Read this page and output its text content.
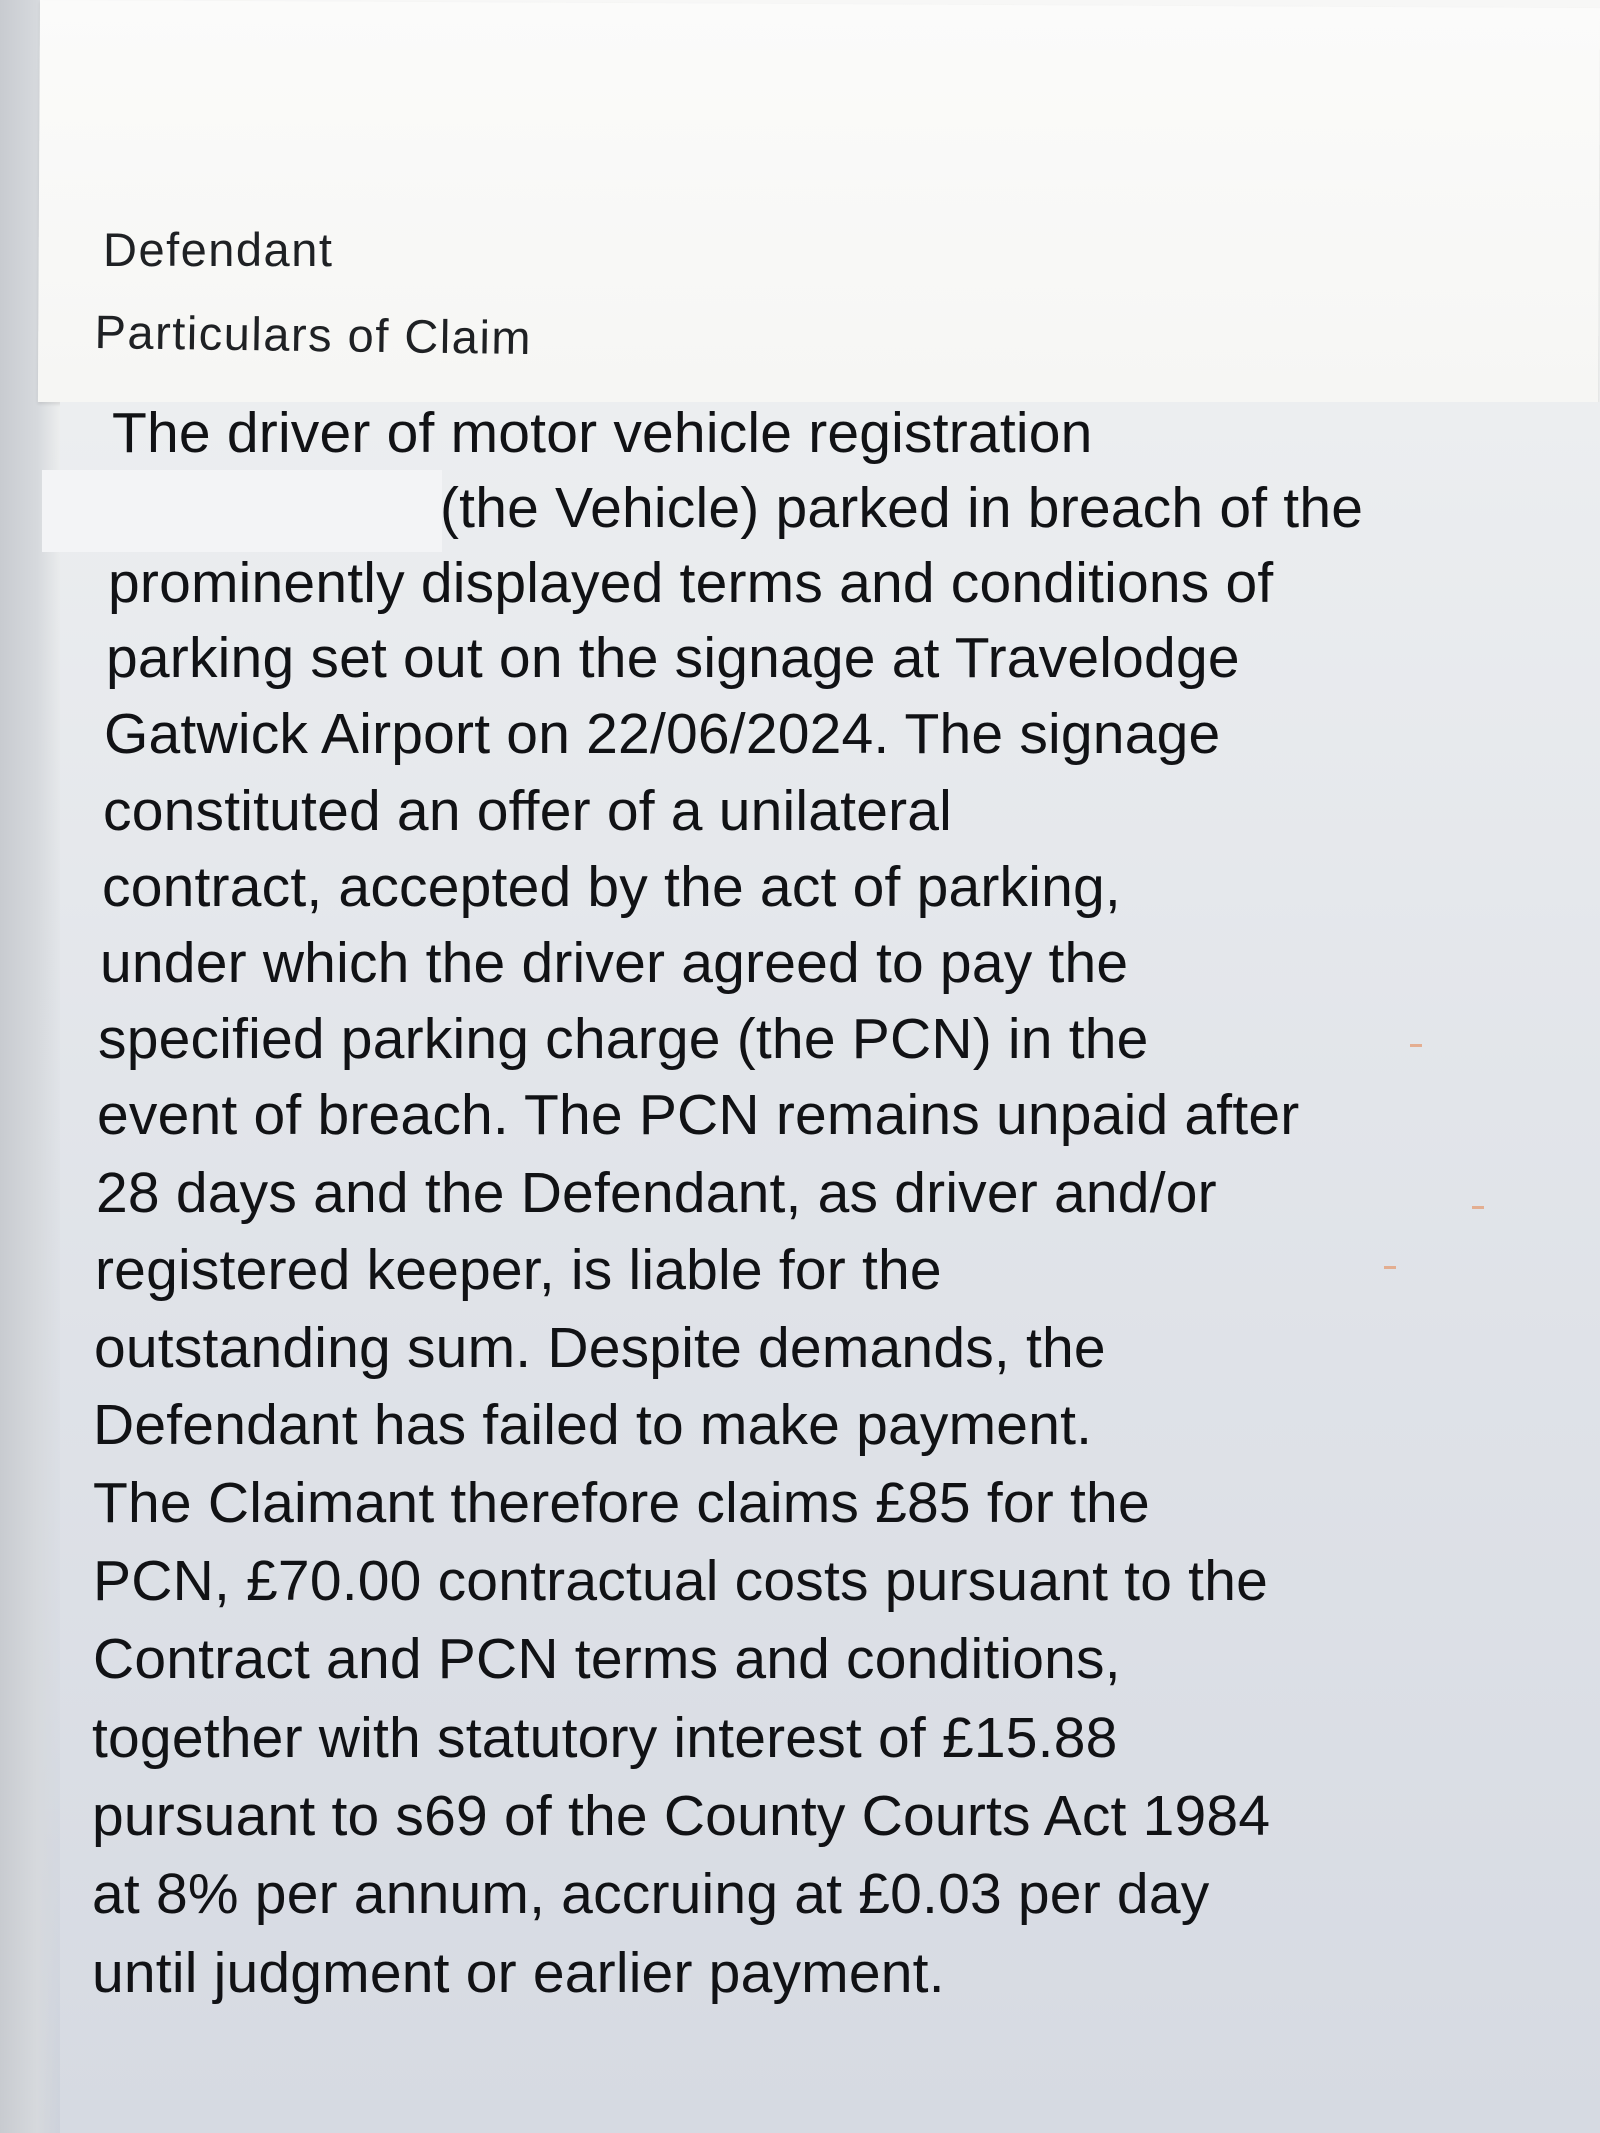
Defendant
Particulars of Claim
The driver of motor vehicle registration
(the Vehicle) parked in breach of the
prominently displayed terms and conditions of
parking set out on the signage at Travelodge
Gatwick Airport on 22/06/2024. The signage
constituted an offer of a unilateral
contract, accepted by the act of parking,
under which the driver agreed to pay the
specified parking charge (the PCN) in the
event of breach. The PCN remains unpaid after
28 days and the Defendant, as driver and/or
registered keeper, is liable for the
outstanding sum. Despite demands, the
Defendant has failed to make payment.
The Claimant therefore claims £85 for the
PCN, £70.00 contractual costs pursuant to the
Contract and PCN terms and conditions,
together with statutory interest of £15.88
pursuant to s69 of the County Courts Act 1984
at 8% per annum, accruing at £0.03 per day
until judgment or earlier payment.
